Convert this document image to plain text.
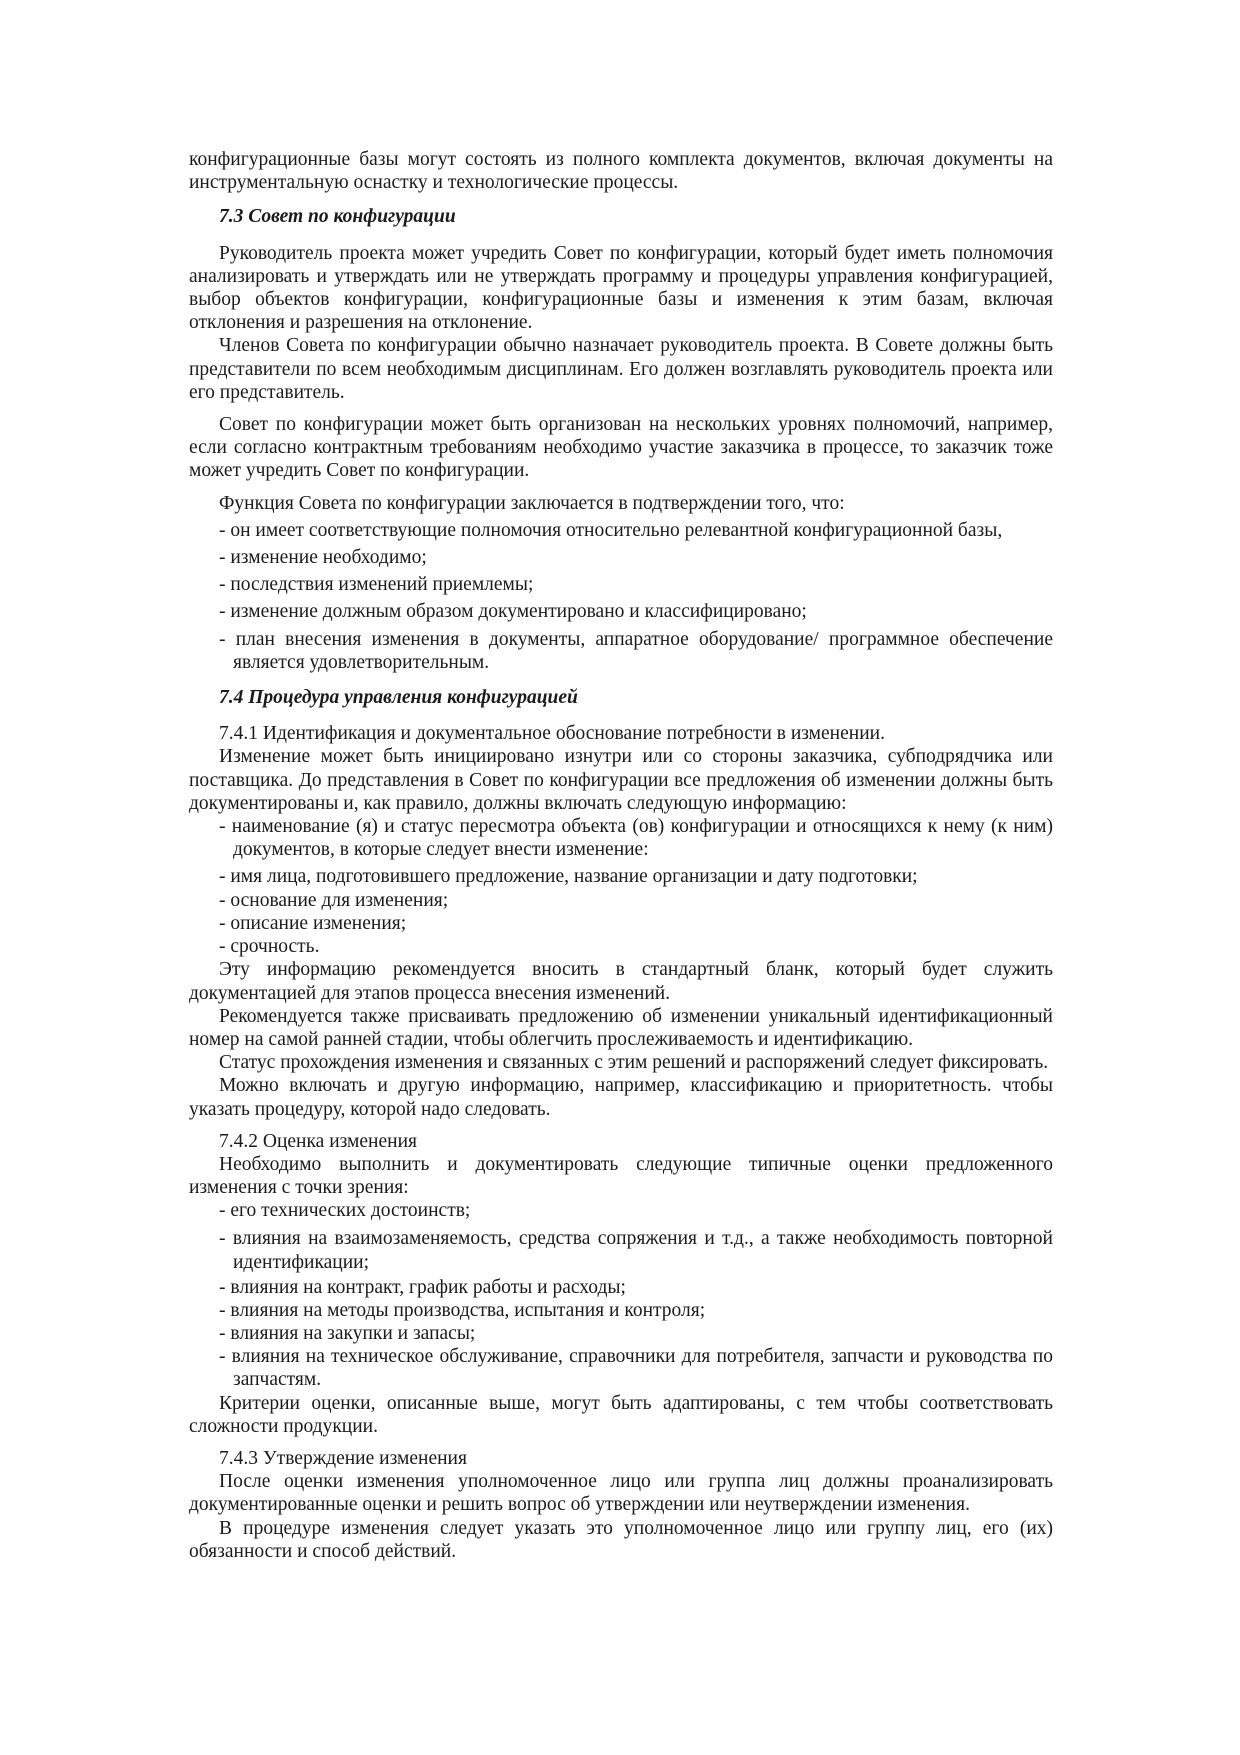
конфигурационные базы могут состоять из полного комплекта документов, включая документы на инструментальную оснастку и технологические процессы.

7.3 Совет по конфигурации

Руководитель проекта может учредить Совет по конфигурации, который будет иметь полномочия анализировать и утверждать или не утверждать программу и процедуры управления конфигурацией, выбор объектов конфигурации, конфигурационные базы и изменения к этим базам, включая отклонения и разрешения на отклонение.

Членов Совета по конфигурации обычно назначает руководитель проекта. В Совете должны быть представители по всем необходимым дисциплинам. Его должен возглавлять руководитель проекта или его представитель.

Совет по конфигурации может быть организован на нескольких уровнях полномочий, например, если согласно контрактным требованиям необходимо участие заказчика в процессе, то заказчик тоже может учредить Совет по конфигурации.

Функция Совета по конфигурации заключается в подтверждении того, что:

- он имеет соответствующие полномочия относительно релевантной конфигурационной базы,

- изменение необходимо;

- последствия изменений приемлемы;

- изменение должным образом документировано и классифицировано;

- план внесения изменения в документы, аппаратное оборудование/ программное обеспечение является удовлетворительным.

7.4 Процедура управления конфигурацией

7.4.1 Идентификация и документальное обоснование потребности в изменении.

Изменение может быть инициировано изнутри или со стороны заказчика, субподрядчика или поставщика. До представления в Совет по конфигурации все предложения об изменении должны быть документированы и, как правило, должны включать следующую информацию:

- наименование (я) и статус пересмотра объекта (ов) конфигурации и относящихся к нему (к ним) документов, в которые следует внести изменение:

- имя лица, подготовившего предложение, название организации и дату подготовки;

- основание для изменения;

- описание изменения;

- срочность.

Эту информацию рекомендуется вносить в стандартный бланк, который будет служить документацией для этапов процесса внесения изменений.

Рекомендуется также присваивать предложению об изменении уникальный идентификационный номер на самой ранней стадии, чтобы облегчить прослеживаемость и идентификацию.

Статус прохождения изменения и связанных с этим решений и распоряжений следует фиксировать.

Можно включать и другую информацию, например, классификацию и приоритетность. чтобы указать процедуру, которой надо следовать.

7.4.2 Оценка изменения

Необходимо выполнить и документировать следующие типичные оценки предложенного изменения с точки зрения:

- его технических достоинств;

- влияния на взаимозаменяемость, средства сопряжения и т.д., а также необходимость повторной идентификации;

- влияния на контракт, график работы и расходы;

- влияния на методы производства, испытания и контроля;

- влияния на закупки и запасы;

- влияния на техническое обслуживание, справочники для потребителя, запчасти и руководства по запчастям.

Критерии оценки, описанные выше, могут быть адаптированы, с тем чтобы соответствовать сложности продукции.

7.4.3 Утверждение изменения

После оценки изменения уполномоченное лицо или группа лиц должны проанализировать документированные оценки и решить вопрос об утверждении или неутверждении изменения.

В процедуре изменения следует указать это уполномоченное лицо или группу лиц, его (их) обязанности и способ действий.
